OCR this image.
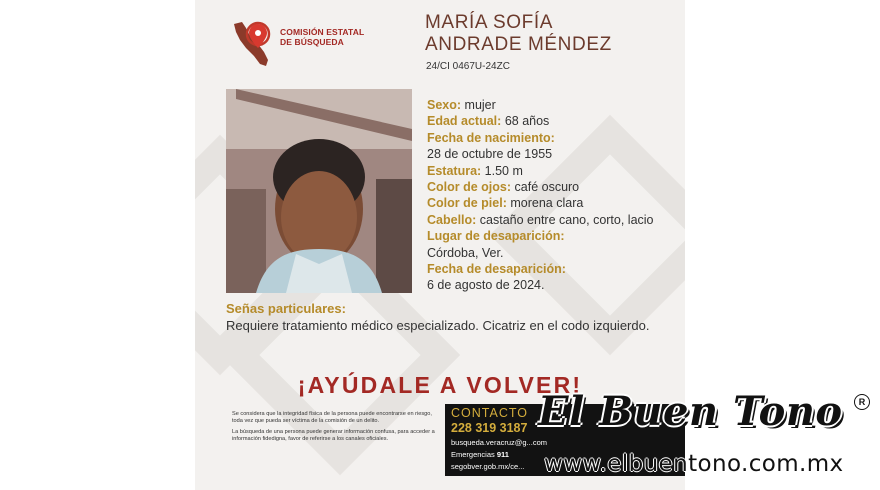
COMISIÓN ESTATAL
DE BÚSQUEDA
MARÍA SOFÍA
ANDRADE MÉNDEZ
24/CI 0467U-24ZC
Sexo: mujer
Edad actual: 68 años
Fecha de nacimiento:
28 de octubre de 1955
Estatura: 1.50 m
Color de ojos: café oscuro
Color de piel: morena clara
Cabello: castaño entre cano, corto, lacio
Lugar de desaparición:
Córdoba, Ver.
Fecha de desaparición:
6 de agosto de 2024.
Señas particulares:
Requiere tratamiento médico especializado. Cicatriz en el codo izquierdo.
¡AYÚDALE A VOLVER!

Se considera que la integridad física de la persona puede encontrarse en riesgo, toda vez que pueda ser víctima de la comisión de un delito.

La búsqueda de una persona puede generar información confusa, para acceder a información fidedigna, favor de referirse a los canales oficiales.

CONTACTO
228 319 3187
busqueda.veracruz@g...com
Emergencias 911
segobver.gob.mx/ce...
El Buen Tono	R
www.elbuentono.com.mx
